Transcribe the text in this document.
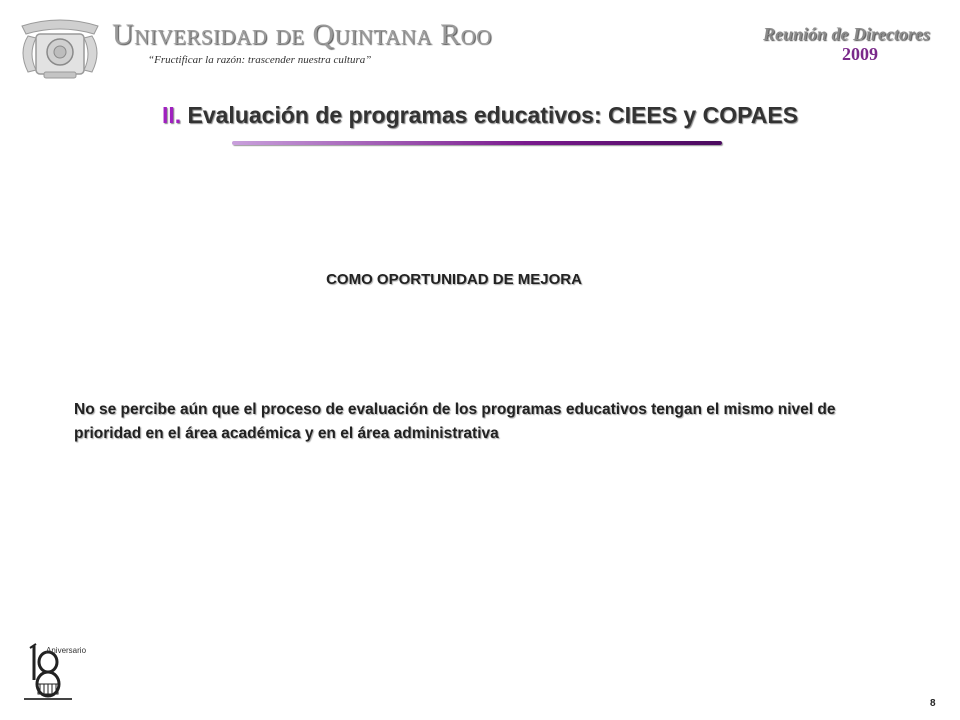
Universidad de Quintana Roo
“Fructificar la razón: trascender nuestra cultura”
Reunión de Directores
2009
II. Evaluación de programas educativos: CIEES y COPAES
COMO OPORTUNIDAD DE MEJORA
No se percibe aún que el proceso de evaluación de los programas educativos tengan el mismo nivel de prioridad en el área académica y en el área administrativa
Aniversario
8
